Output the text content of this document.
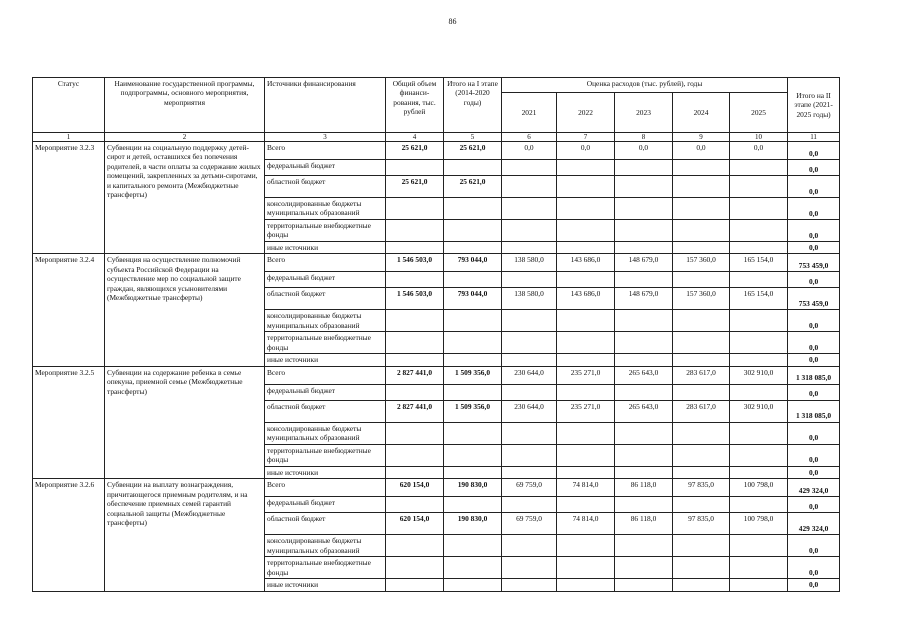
86
Статус	Наименование государственной программы, подпрограммы, основного мероприятия, мероприятия	Источники финансирования	Общий объем финанси-рования, тыс. рублей	Итого на I этапе (2014-2020 годы)	Оценка расходов (тыс. рублей), годы					Итого на II этапе (2021-2025 годы)
					2021	2022	2023	2024	2025	
1	2	3	4	5	6	7	8	9	10	11
Мероприятие 3.2.3	Субвенции на социальную поддержку детей-сирот и детей, оставшихся без попечения родителей, в части оплаты за содержание жилых помещений, закрепленных за детьми-сиротами, и капитального ремонта (Межбюджетные трансферты)	Всего	25 621,0	25 621,0	0,0	0,0	0,0	0,0	0,0	0,0
		федеральный бюджет								0,0
		областной бюджет	25 621,0	25 621,0						0,0
		консолидированные бюджеты муниципальных образований								0,0
		территориальные внебюджетные фонды								0,0
		иные источники								0,0
Мероприятие 3.2.4	Субвенция на осуществление полномочий субъекта Российской Федерации на осуществление мер по социальной защите граждан, являющихся усыновителями (Межбюджетные трансферты)	Всего	1 546 503,0	793 044,0	138 580,0	143 686,0	148 679,0	157 360,0	165 154,0	753 459,0
		федеральный бюджет								0,0
		областной бюджет	1 546 503,0	793 044,0	138 580,0	143 686,0	148 679,0	157 360,0	165 154,0	753 459,0
		консолидированные бюджеты муниципальных образований								0,0
		территориальные внебюджетные фонды								0,0
		иные источники								0,0
Мероприятие 3.2.5	Субвенции на содержание ребенка в семье опекуна, приемной семье (Межбюджетные трансферты)	Всего	2 827 441,0	1 509 356,0	230 644,0	235 271,0	265 643,0	283 617,0	302 910,0	1 318 085,0
		федеральный бюджет								0,0
		областной бюджет	2 827 441,0	1 509 356,0	230 644,0	235 271,0	265 643,0	283 617,0	302 910,0	1 318 085,0
		консолидированные бюджеты муниципальных образований								0,0
		территориальные внебюджетные фонды								0,0
		иные источники								0,0
Мероприятие 3.2.6	Субвенции на выплату вознаграждения, причитающегося приемным родителям, и на обеспечение приемных семей гарантий социальной защиты (Межбюджетные трансферты)	Всего	620 154,0	190 830,0	69 759,0	74 814,0	86 118,0	97 835,0	100 798,0	429 324,0
		федеральный бюджет								0,0
		областной бюджет	620 154,0	190 830,0	69 759,0	74 814,0	86 118,0	97 835,0	100 798,0	429 324,0
		консолидированные бюджеты муниципальных образований								0,0
		территориальные внебюджетные фонды								0,0
		иные источники								0,0
